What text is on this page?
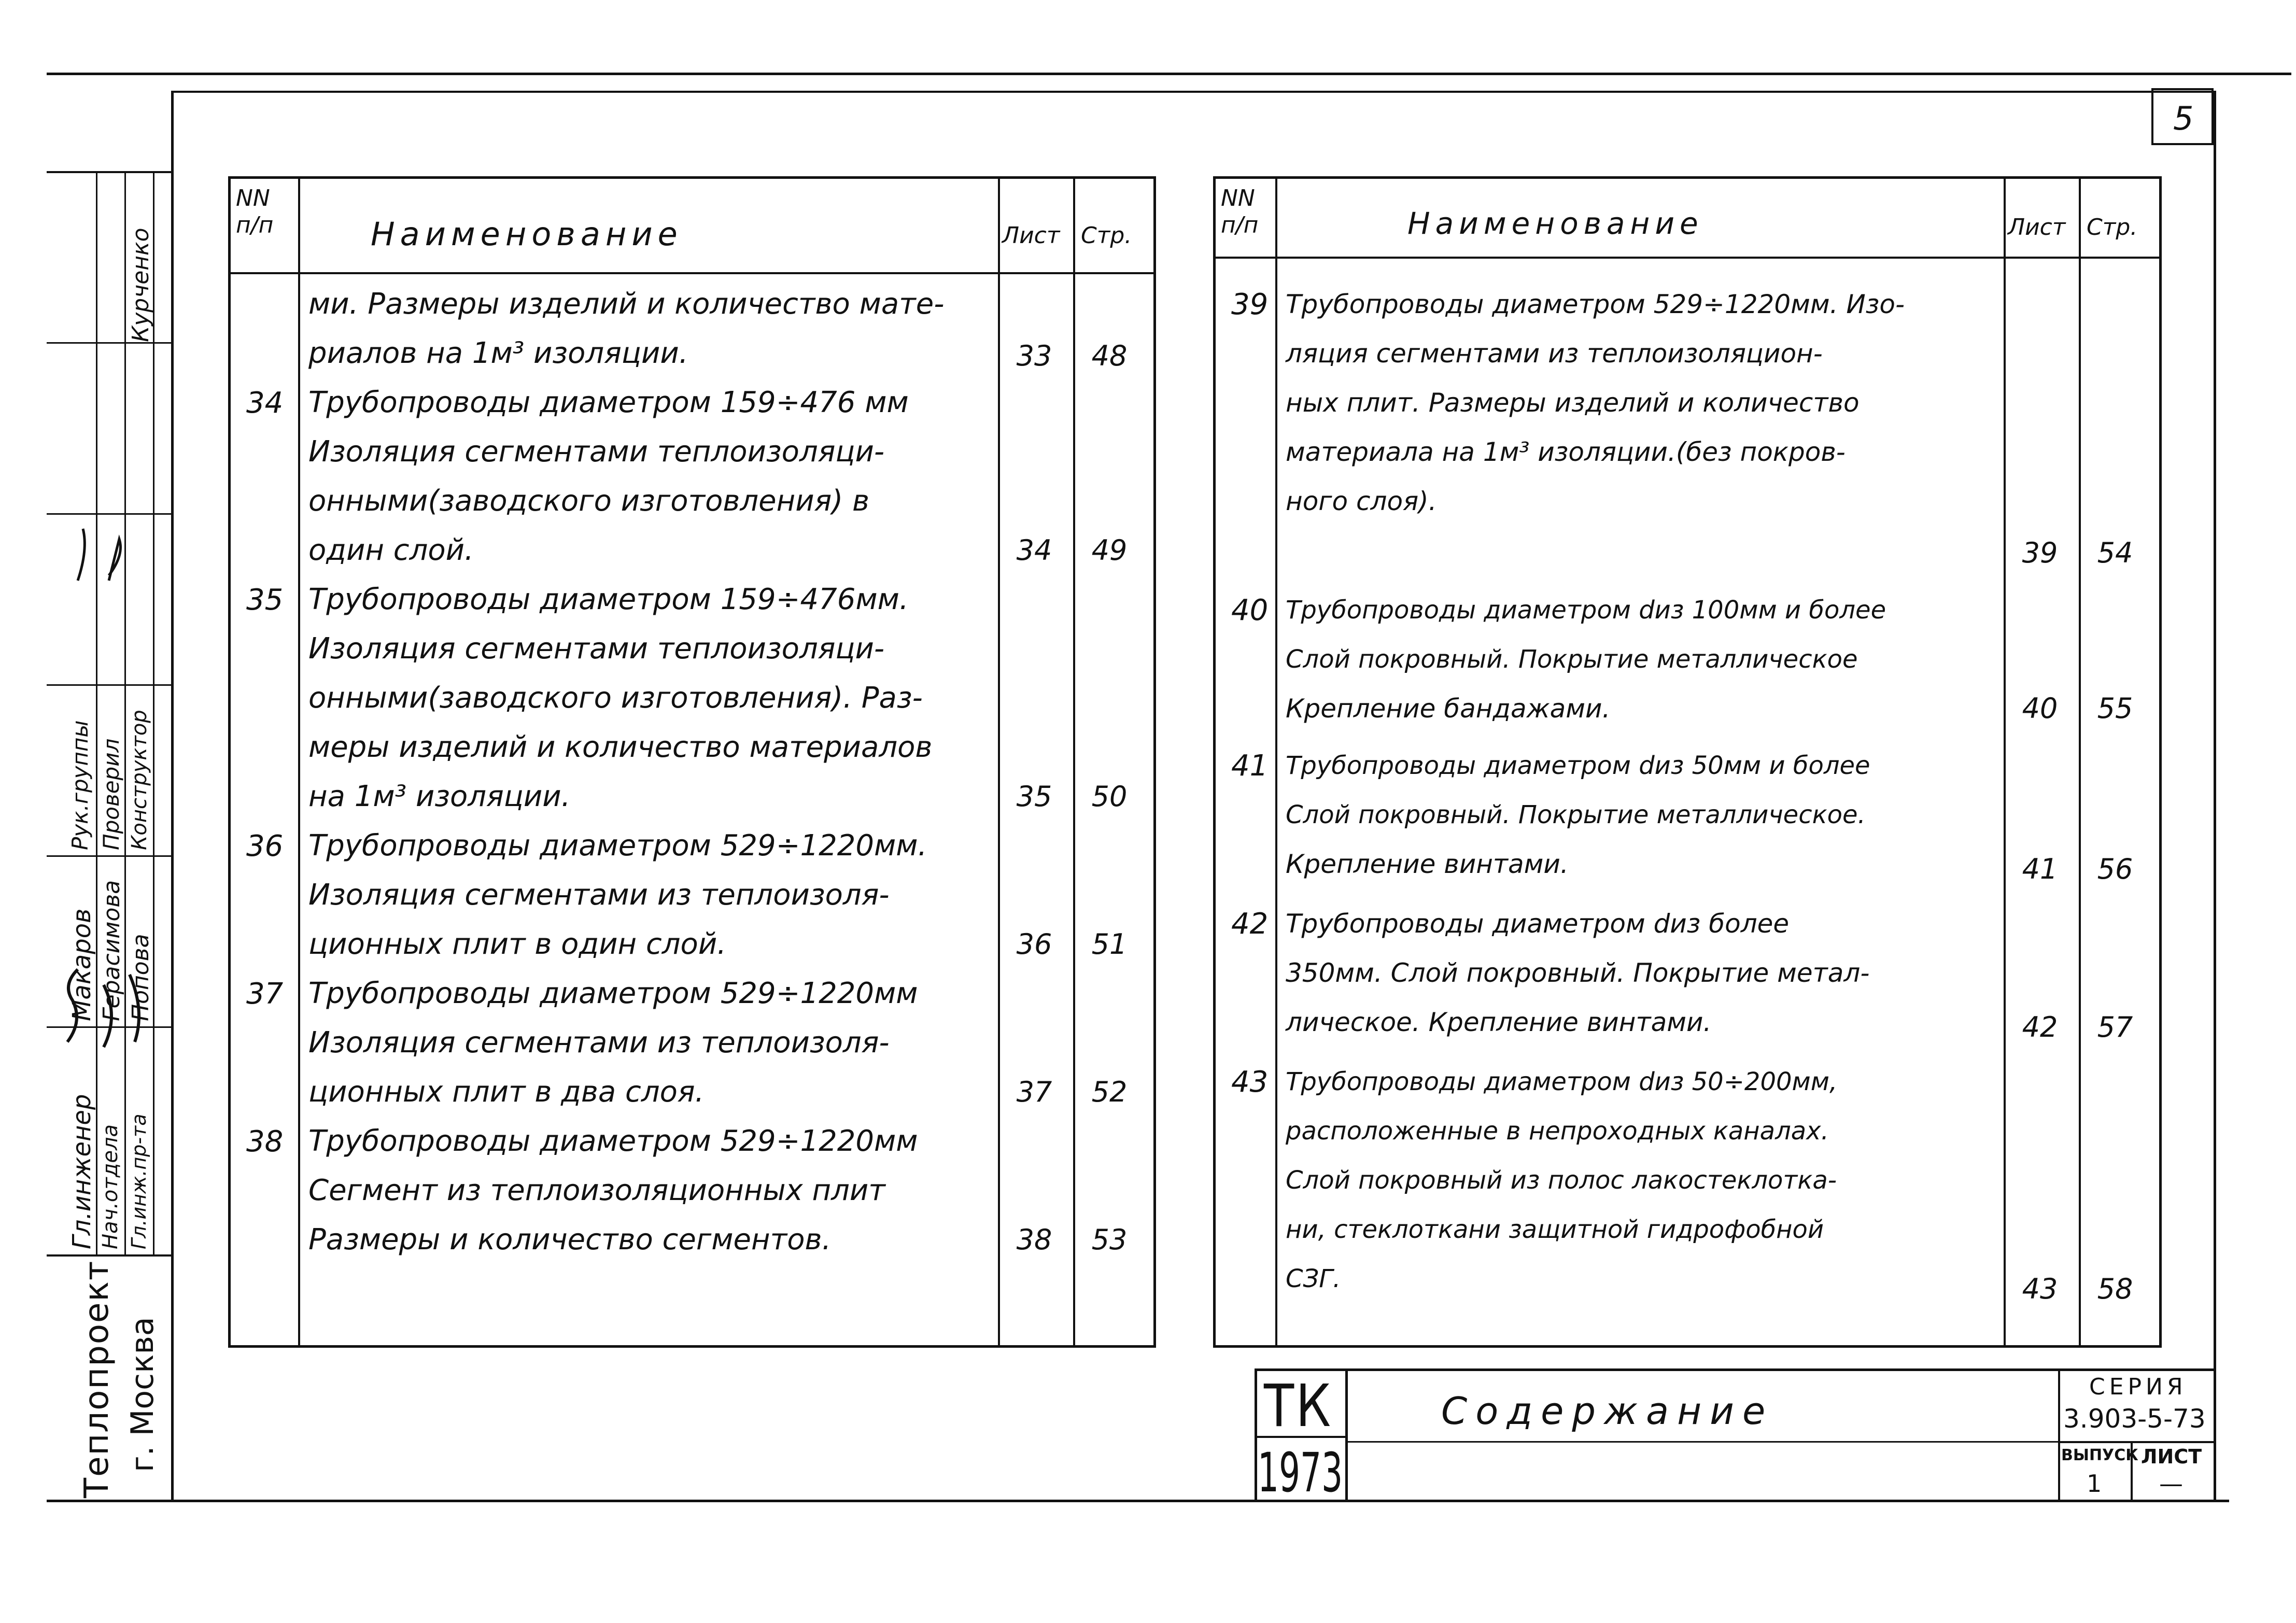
5
Гл.инженер Нач.отдела Гл.инж.пр-та
Рук.группы Проверил Конструктор
Макаров Герасимова Попова
Курченко
Теплопроект г. Москва
NN п/п	Наименование	Лист Стр.
ми. Размеры изделий и количество мате-
риалов на 1м³ изоляции.	33	48
34 Трубопроводы диаметром 159÷476 мм
Изоляция сегментами теплоизоляци-
онными(заводского изготовления) в
один слой.	34	49
35 Трубопроводы диаметром 159÷476мм.
Изоляция сегментами теплоизоляци-
онными(заводского изготовления). Раз-
меры изделий и количество материалов
на 1м³ изоляции.	35	50
36 Трубопроводы диаметром 529÷1220мм.
Изоляция сегментами из теплоизоля-
ционных плит в один слой.	36	51
37 Трубопроводы диаметром 529÷1220мм
Изоляция сегментами из теплоизоля-
ционных плит в два слоя.	37	52
38 Трубопроводы диаметром 529÷1220мм
Сегмент из теплоизоляционных плит
Размеры и количество сегментов.	38	53
NN п/п	Наименование	Лист Стр.
39 Трубопроводы диаметром 529÷1220мм. Изо-
ляция сегментами из теплоизоляцион-
ных плит. Размеры изделий и количество
материала на 1м³ изоляции.(без покров-
ного слоя).
39	54
40 Трубопроводы диаметром dиз 100мм и более
Слой покровный. Покрытие металлическое
Крепление бандажами.	40	55
41 Трубопроводы диаметром dиз 50мм и более
Слой покровный. Покрытие металлическое.
Крепление винтами.	41	56
42 Трубопроводы диаметром dиз более
350мм. Слой покровный. Покрытие метал-
лическое. Крепление винтами.	42	57
43 Трубопроводы диаметром dиз 50÷200мм,
расположенные в непроходных каналах.
Слой покровный из полос лакостеклотка-
ни, стеклоткани защитной гидрофобной
СЗГ.	43	58
ТК
1973
Содержание
СЕРИЯ
3.903-5-73
ВЫПУСК
1
ЛИСТ
—
